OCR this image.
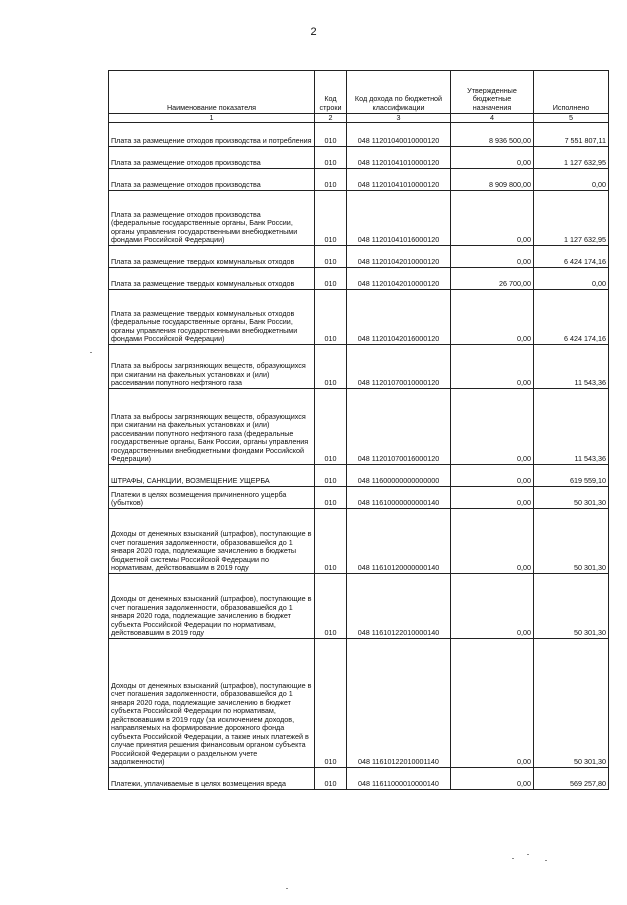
2
Наименование показателя	Код строки	Код дохода по бюджетной классификации	Утвержденные бюджетные назначения	Исполнено
1	2	3	4	5
Плата за размещение отходов производства и потребления	010	048 11201040010000120	8 936 500,00	7 551 807,11
Плата за размещение отходов производства	010	048 11201041010000120	0,00	1 127 632,95
Плата за размещение отходов производства	010	048 11201041010000120	8 909 800,00	0,00
Плата за размещение отходов производства (федеральные государственные органы, Банк России, органы управления государственными внебюджетными фондами Российской Федерации)	010	048 11201041016000120	0,00	1 127 632,95
Плата за размещение твердых коммунальных отходов	010	048 11201042010000120	0,00	6 424 174,16
Плата за размещение твердых коммунальных отходов	010	048 11201042010000120	26 700,00	0,00
Плата за размещение твердых коммунальных отходов (федеральные государственные органы, Банк России, органы управления государственными внебюджетными фондами Российской Федерации)	010	048 11201042016000120	0,00	6 424 174,16
Плата за выбросы загрязняющих веществ, образующихся при сжигании на факельных установках и (или) рассеивании попутного нефтяного газа	010	048 11201070010000120	0,00	11 543,36
Плата за выбросы загрязняющих веществ, образующихся при сжигании на факельных установках и (или) рассеивании попутного нефтяного газа (федеральные государственные органы, Банк России, органы управления государственными внебюджетными фондами Российской Федерации)	010	048 11201070016000120	0,00	11 543,36
ШТРАФЫ, САНКЦИИ, ВОЗМЕЩЕНИЕ УЩЕРБА	010	048 11600000000000000	0,00	619 559,10
Платежи в целях возмещения причиненного ущерба (убытков)	010	048 11610000000000140	0,00	50 301,30
Доходы от денежных взысканий (штрафов), поступающие в счет погашения задолженности, образовавшейся до 1 января 2020 года, подлежащие зачислению в бюджеты бюджетной системы Российской Федерации по нормативам, действовавшим в 2019 году	010	048 11610120000000140	0,00	50 301,30
Доходы от денежных взысканий (штрафов), поступающие в счет погашения задолженности, образовавшейся до 1 января 2020 года, подлежащие зачислению в бюджет субъекта Российской Федерации по нормативам, действовавшим в 2019 году	010	048 11610122010000140	0,00	50 301,30
Доходы от денежных взысканий (штрафов), поступающие в счет погашения задолженности, образовавшейся до 1 января 2020 года, подлежащие зачислению в бюджет субъекта Российской Федерации по нормативам, действовавшим в 2019 году (за исключением доходов, направляемых на формирование дорожного фонда субъекта Российской Федерации, а также иных платежей в случае принятия решения финансовым органом субъекта Российской Федерации о раздельном учете задолженности)	010	048 11610122010001140	0,00	50 301,30
Платежи, уплачиваемые в целях возмещения вреда	010	048 11611000010000140	0,00	569 257,80
